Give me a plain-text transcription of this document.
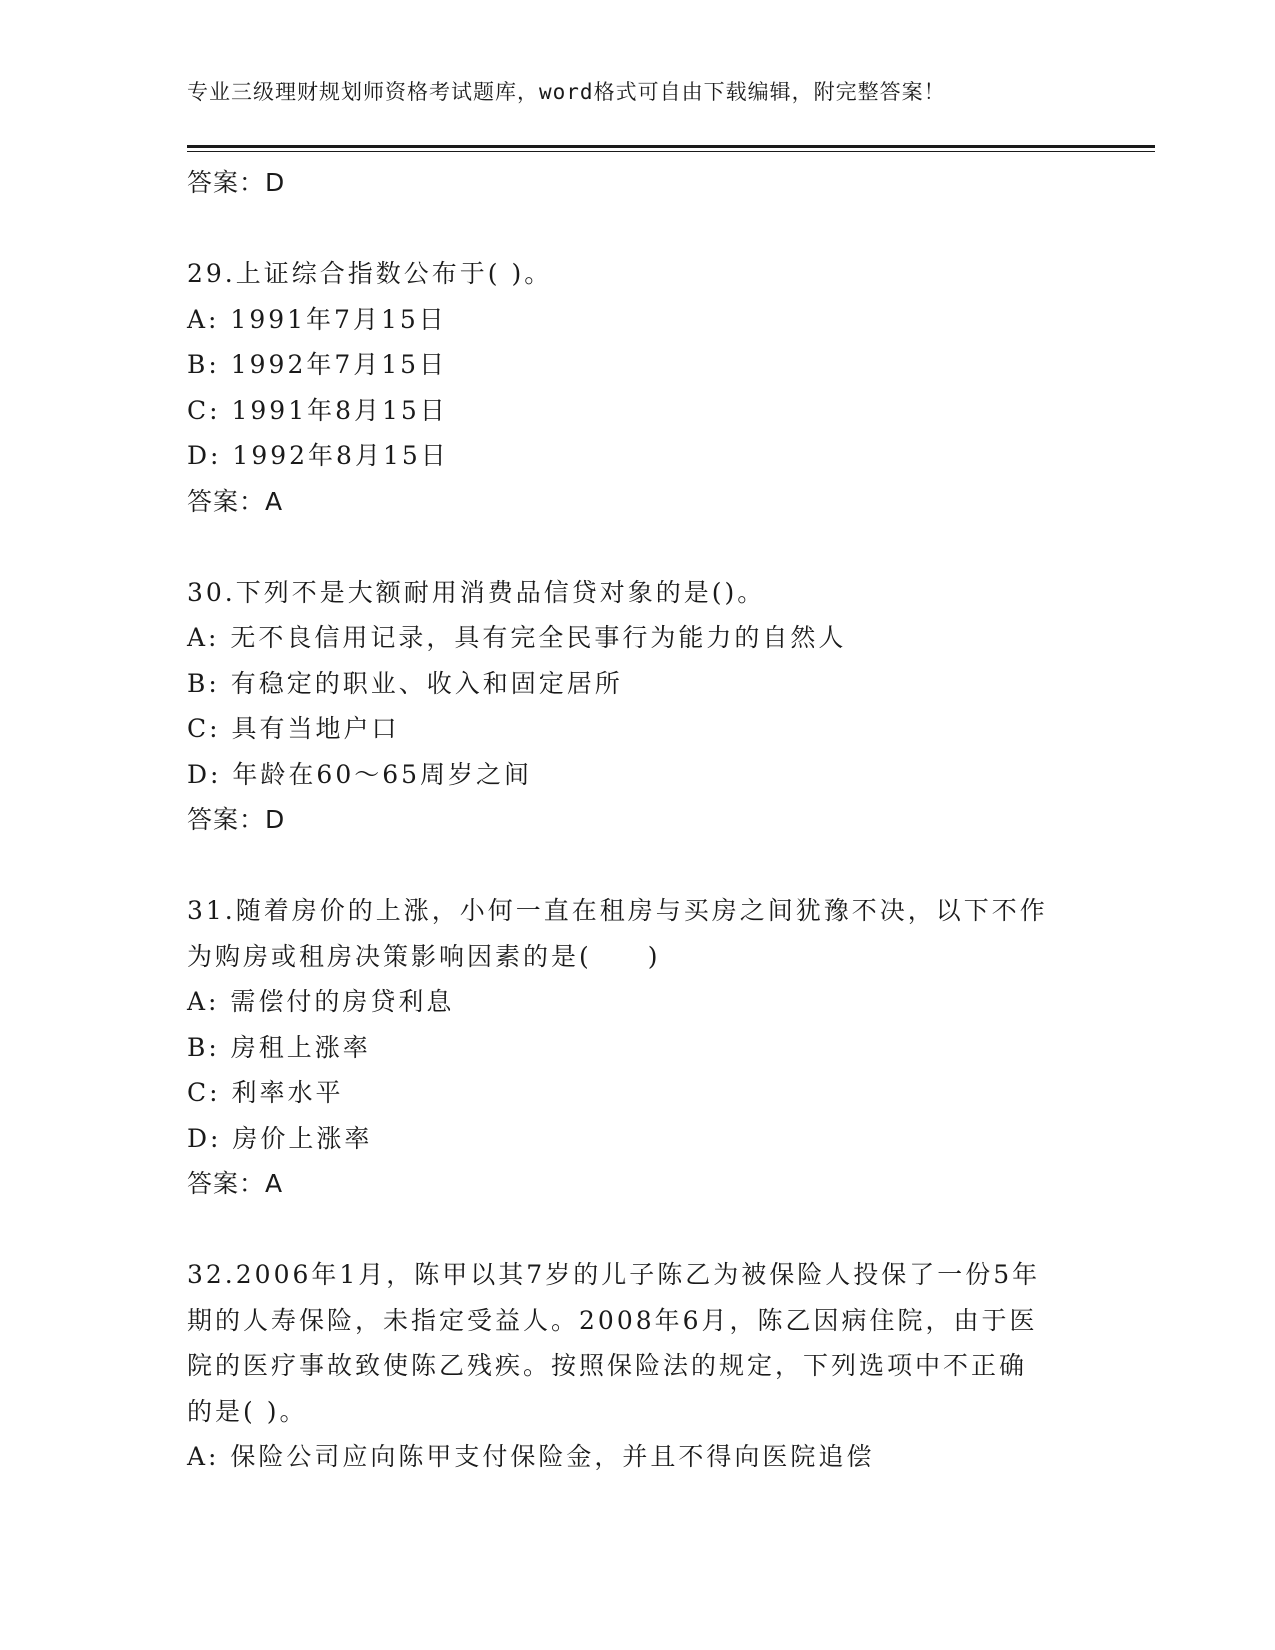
专业三级理财规划师资格考试题库，word格式可自由下载编辑，附完整答案！
答案：D
29.上证综合指数公布于( )。
A: 1991年7月15日
B: 1992年7月15日
C: 1991年8月15日
D: 1992年8月15日
答案：A
30.下列不是大额耐用消费品信贷对象的是()。
A: 无不良信用记录，具有完全民事行为能力的自然人
B: 有稳定的职业、收入和固定居所
C: 具有当地户口
D: 年龄在60～65周岁之间
答案：D
31.随着房价的上涨，小何一直在租房与买房之间犹豫不决，以下不作
为购房或租房决策影响因素的是(　　)
A: 需偿付的房贷利息
B: 房租上涨率
C: 利率水平
D: 房价上涨率
答案：A
32.2006年1月，陈甲以其7岁的儿子陈乙为被保险人投保了一份5年
期的人寿保险，未指定受益人。2008年6月，陈乙因病住院，由于医
院的医疗事故致使陈乙残疾。按照保险法的规定，下列选项中不正确
的是( )。
A: 保险公司应向陈甲支付保险金，并且不得向医院追偿
